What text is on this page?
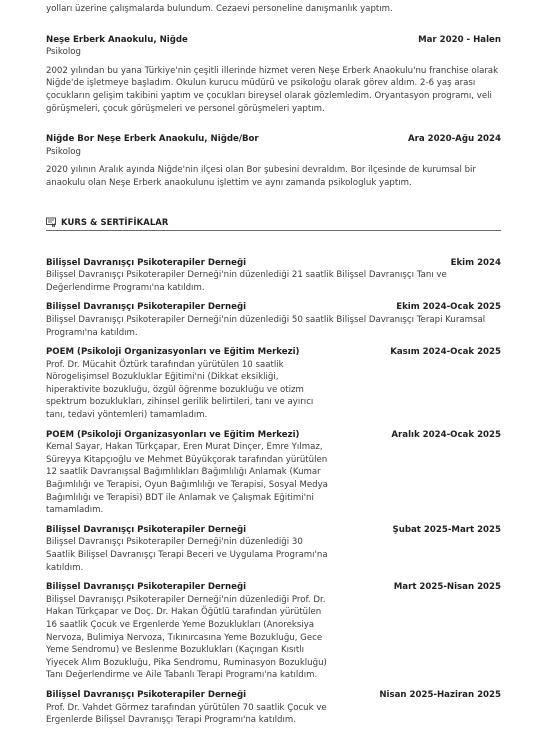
yolları üzerine çalışmalarda bulundum. Cezaevi personeline danışmanlık yaptım.

Neşe Erberk Anaokulu, Niğde	Mar 2020 - Halen
Psikolog

2002 yılından bu yana Türkiye'nin çeşitli illerinde hizmet veren Neşe Erberk Anaokulu'nu franchise olarak Niğde'de işletmeye başladım. Okulun kurucu müdürü ve psikoloğu olarak görev aldım. 2-6 yaş arası çocukların gelişim takibini yaptım ve çocukları bireysel olarak gözlemledim. Oryantasyon programı, veli görüşmeleri, çocuk görüşmeleri ve personel görüşmeleri yaptım.

Niğde Bor Neşe Erberk Anaokulu, Niğde/Bor	Ara 2020-Ağu 2024
Psikolog

2020 yılının Aralık ayında Niğde'nin ilçesi olan Bor şubesini devraldım. Bor ilçesinde de kurumsal bir anaokulu olan Neşe Erberk anaokulunu işlettim ve aynı zamanda psikologluk yaptım.

KURS & SERTİFİKALAR
Bilişsel Davranışçı Psikoterapiler Derneği	Ekim 2024

Bilişsel Davranışçı Psikoterapiler Derneği'nin düzenlediği 21 saatlik Bilişsel Davranışçı Tanı ve Değerlendirme Programı'na katıldım.

Bilişsel Davranışçı Psikoterapiler Derneği	Ekim 2024-Ocak 2025

Bilişsel Davranışçı Psikoterapiler Derneği'nin düzenlediği 50 saatlik Bilişsel Davranışçı Terapi Kuramsal Programı'na katıldım.

POEM (Psikoloji Organizasyonları ve Eğitim Merkezi)	Kasım 2024-Ocak 2025

Prof. Dr. Mücahit Öztürk tarafından yürütülen 10 saatlik Nörogelişimsel Bozukluklar Eğitimi'ni (Dikkat eksikliği, hiperaktivite bozukluğu, özgül öğrenme bozukluğu ve otizm spektrum bozuklukları, zihinsel gerilik belirtileri, tanı ve ayırıcı tanı, tedavi yöntemleri) tamamladım.

POEM (Psikoloji Organizasyonları ve Eğitim Merkezi)	Aralık 2024-Ocak 2025

Kemal Sayar, Hakan Türkçapar, Eren Murat Dinçer, Emre Yılmaz, Süreyya Kitapçıoğlu ve Mehmet Büyükçorak tarafından yürütülen 12 saatlik Davranışsal Bağımlılıkları Bağımlılığı Anlamak (Kumar Bağımlılığı ve Terapisi, Oyun Bağımlılığı ve Terapisi, Sosyal Medya Bağımlılığı ve Terapisi) BDT ile Anlamak ve Çalışmak Eğitimi'ni tamamladım.

Bilişsel Davranışçı Psikoterapiler Derneği	Şubat 2025-Mart 2025

Bilişsel Davranışçı Psikoterapiler Derneği'nin düzenlediği 30 Saatlik Bilişsel Davranışçı Terapi Beceri ve Uygulama Programı'na katıldım.

Bilişsel Davranışçı Psikoterapiler Derneği	Mart 2025-Nisan 2025

Bilişsel Davranışçı Psikoterapiler Derneği'nin düzenlediği Prof. Dr. Hakan Türkçapar ve Doç. Dr. Hakan Öğütlü tarafından yürütülen 16 saatlik Çocuk ve Ergenlerde Yeme Bozuklukları (Anoreksiya Nervoza, Bulimiya Nervoza, Tıkınırcasına Yeme Bozukluğu, Gece Yeme Sendromu) ve Beslenme Bozuklukları (Kaçıngan Kısıtlı Yiyecek Alım Bozukluğu, Pika Sendromu, Ruminasyon Bozukluğu) Tanı Değerlendirme ve Aile Tabanlı Terapi Programı'na katıldım.

Bilişsel Davranışçı Psikoterapiler Derneği	Nisan 2025-Haziran 2025

Prof. Dr. Vahdet Görmez tarafından yürütülen 70 saatlik Çocuk ve Ergenlerde Bilişsel Davranışçı Terapi Programı'na katıldım.
